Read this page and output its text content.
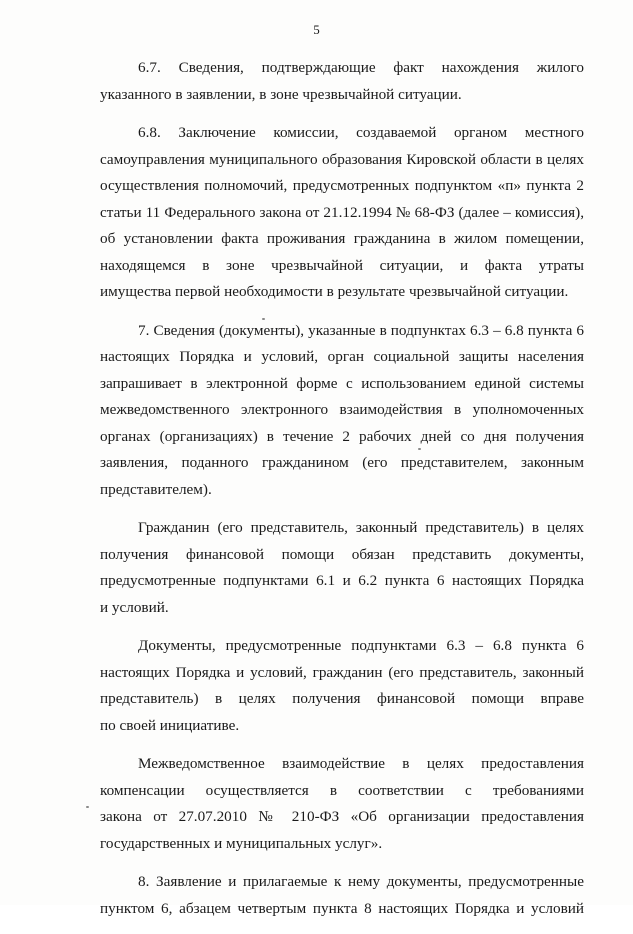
5

6.7. Сведения, подтверждающие факт нахождения жилого
указанного в заявлении, в зоне чрезвычайной ситуации.

6.8. Заключение комиссии, создаваемой органом местного
самоуправления муниципального образования Кировской области в целях
осуществления полномочий, предусмотренных подпунктом «п» пункта 2
статьи 11 Федерального закона от 21.12.1994 № 68-ФЗ (далее – комиссия),
об установлении факта проживания гражданина в жилом помещении,
находящемся в зоне чрезвычайной ситуации, и факта утраты
имущества первой необходимости в результате чрезвычайной ситуации.

7. Сведения (документы), указанные в подпунктах 6.3 – 6.8 пункта 6
настоящих Порядка и условий, орган социальной защиты населения
запрашивает в электронной форме с использованием единой системы
межведомственного электронного взаимодействия в уполномоченных
органах (организациях) в течение 2 рабочих дней со дня получения
заявления, поданного гражданином (его представителем, законным
представителем).

Гражданин (его представитель, законный представитель) в целях
получения финансовой помощи обязан представить документы,
предусмотренные подпунктами 6.1 и 6.2 пункта 6 настоящих Порядка
и условий.

Документы, предусмотренные подпунктами 6.3 – 6.8 пункта 6
настоящих Порядка и условий, гражданин (его представитель, законный
представитель) в целях получения финансовой помощи вправе
по своей инициативе.

Межведомственное взаимодействие в целях предоставления
компенсации осуществляется в соответствии с требованиями
закона от 27.07.2010 № 210-ФЗ «Об организации предоставления
государственных и муниципальных услуг».

8. Заявление и прилагаемые к нему документы, предусмотренные
пунктом 6, абзацем четвертым пункта 8 настоящих Порядка и условий
